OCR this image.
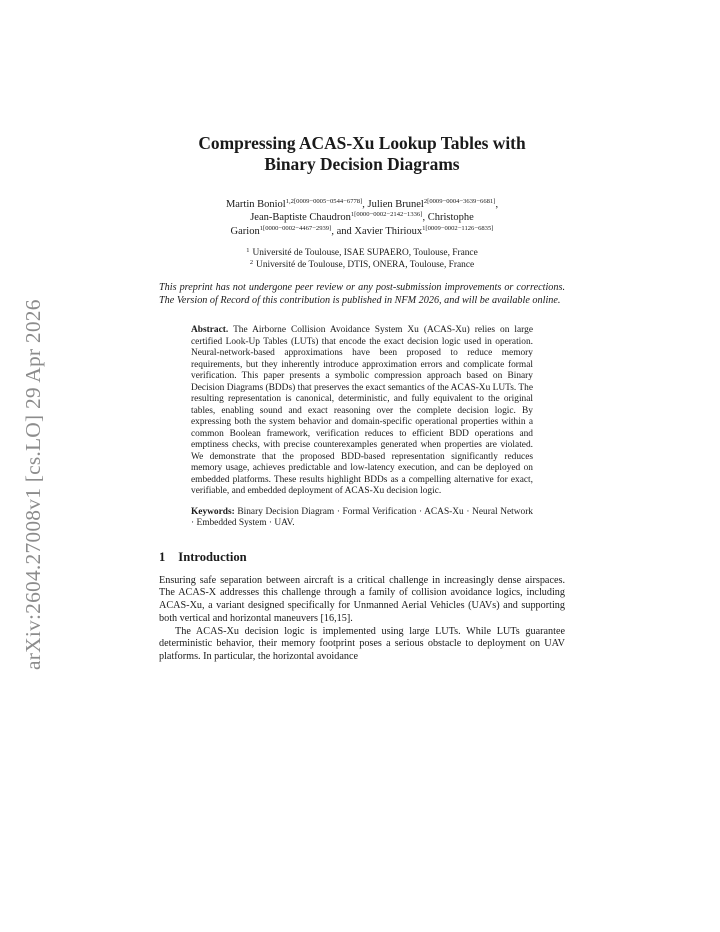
arXiv:2604.27008v1 [cs.LO] 29 Apr 2026
Compressing ACAS-Xu Lookup Tables with
Binary Decision Diagrams
Martin Boniol$^{1,2[0009-0005-0544-6778]}$, Julien Brunel$^{2[0009-0004-3639-6681]}$,
Jean-Baptiste Chaudron$^{1[0000-0002-2142-1336]}$, Christophe
Garion$^{1[0000-0002-4467-2939]}$, and Xavier Thirioux$^{1[0009-0002-1126-6835]}$
$^1$ Université de Toulouse, ISAE SUPAERO, Toulouse, France
$^2$ Université de Toulouse, DTIS, ONERA, Toulouse, France
This preprint has not undergone peer review or any post-submission improvements or corrections. The Version of Record of this contribution is published in NFM 2026, and will be available online.
Abstract. The Airborne Collision Avoidance System Xu (ACAS-Xu) relies on large certified Look-Up Tables (LUTs) that encode the exact decision logic used in operation. Neural-network-based approximations have been proposed to reduce memory requirements, but they inherently introduce approximation errors and complicate formal verification. This paper presents a symbolic compression approach based on Binary Decision Diagrams (BDDs) that preserves the exact semantics of the ACAS-Xu LUTs. The resulting representation is canonical, deterministic, and fully equivalent to the original tables, enabling sound and exact reasoning over the complete decision logic. By expressing both the system behavior and domain-specific operational properties within a common Boolean framework, verification reduces to efficient BDD operations and emptiness checks, with precise counterexamples generated when properties are violated. We demonstrate that the proposed BDD-based representation significantly reduces memory usage, achieves predictable and low-latency execution, and can be deployed on embedded platforms. These results highlight BDDs as a compelling alternative for exact, verifiable, and embedded deployment of ACAS-Xu decision logic.
Keywords: Binary Decision Diagram · Formal Verification · ACAS-Xu · Neural Network · Embedded System · UAV.
1 Introduction

Ensuring safe separation between aircraft is a critical challenge in increasingly dense airspaces. The ACAS-X addresses this challenge through a family of collision avoidance logics, including ACAS-Xu, a variant designed specifically for Unmanned Aerial Vehicles (UAVs) and supporting both vertical and horizontal maneuvers [16,15].

The ACAS-Xu decision logic is implemented using large LUTs. While LUTs guarantee deterministic behavior, their memory footprint poses a serious obstacle to deployment on UAV platforms. In particular, the horizontal avoidance
